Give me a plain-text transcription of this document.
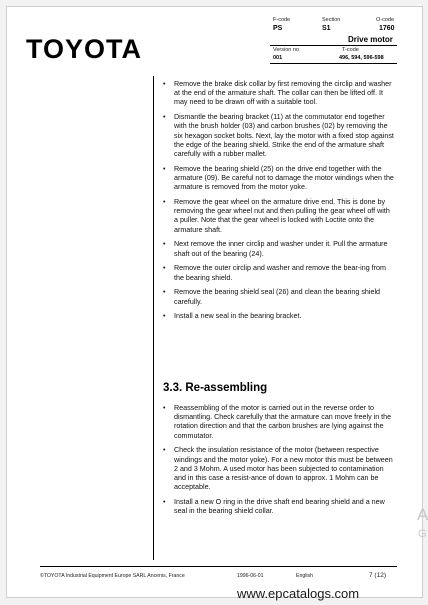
TOYOTA
F-code	Section	O-code
PS	S1	1760
Drive motor
Version no	T-code
001	496, 594, 596-598
• Remove the brake disk collar by first removing the circlip and washer at the end of the armature shaft. The collar can then be lifted off. It may need to be drawn off with a suitable tool.
• Dismantle the bearing bracket (11) at the commutator end together with the brush holder (03) and carbon brushes (02) by removing the six hexagon socket bolts. Next, lay the motor with a fixed stop against the edge of the bearing shield. Strike the end of the armature shaft carefully with a rubber mallet.
• Remove the bearing shield (25) on the drive end together with the armature (09). Be careful not to damage the motor windings when the armature is removed from the motor yoke.
• Remove the gear wheel on the armature drive end. This is done by removing the gear wheel nut and then pulling the gear wheel off with a puller. Note that the gear wheel is locked with Loctite onto the armature shaft.
• Next remove the inner circlip and washer under it. Pull the armature shaft out of the bearing (24).
• Remove the outer circlip and washer and remove the bear-ing from the bearing shield.
• Remove the bearing shield seal (26) and clean the bearing shield carefully.
• Install a new seal in the bearing bracket.
3.3. Re-assembling
• Reassembling of the motor is carried out in the reverse order to dismantling. Check carefully that the armature can move freely in the rotation direction and that the carbon brushes are lying against the commutator.
• Check the insulation resistance of the motor (between respective windings and the motor yoke). For a new motor this must be between 2 and 3 Mohm. A used motor has been subjected to contamination and in this case a resist-ance of down to approx. 1 Mohm can be acceptable.
• Install a new O ring in the drive shaft end bearing shield and a new seal in the bearing shield collar.
©TOYOTA Industrial Equipment Europe SARL Ancenis, France	1996-06-01	English	7 (12)
www.epcatalogs.com
A
G
